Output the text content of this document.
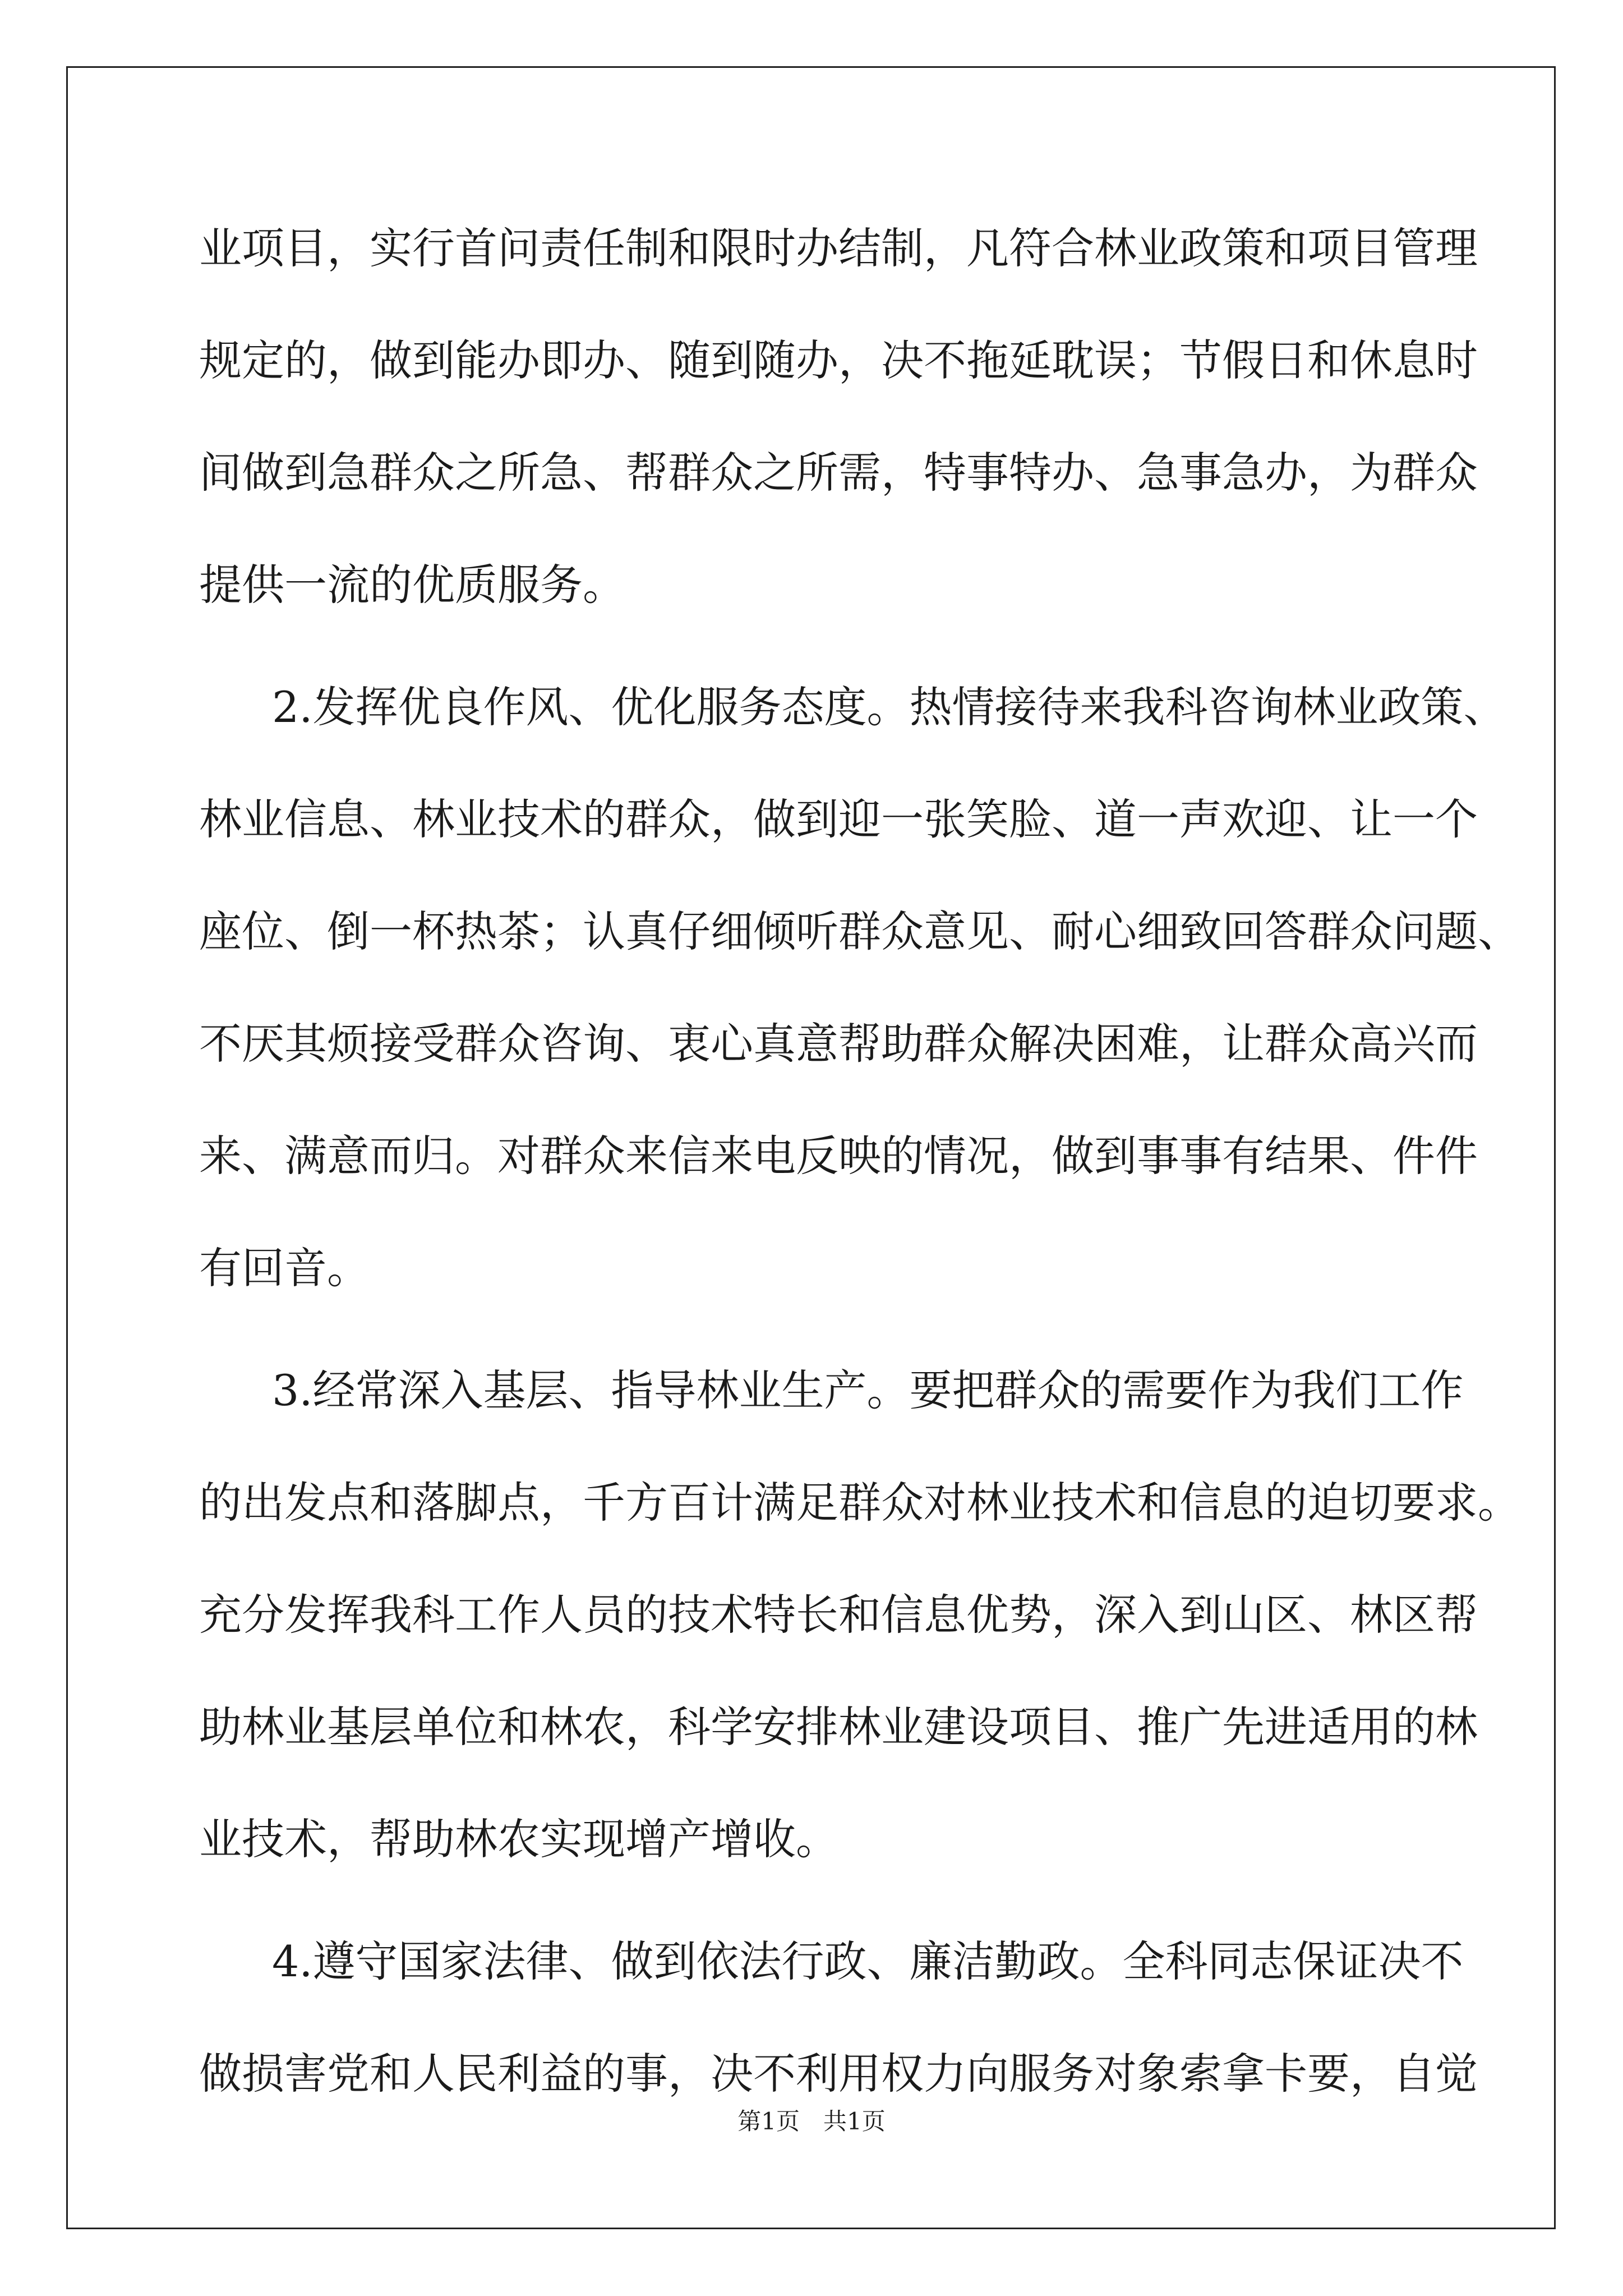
业项目，实行首问责任制和限时办结制，凡符合林业政策和项目管理
规定的，做到能办即办、随到随办，决不拖延耽误；节假日和休息时
间做到急群众之所急、帮群众之所需，特事特办、急事急办，为群众
提供一流的优质服务。
2.发挥优良作风、优化服务态度。热情接待来我科咨询林业政策、
林业信息、林业技术的群众，做到迎一张笑脸、道一声欢迎、让一个
座位、倒一杯热茶；认真仔细倾听群众意见、耐心细致回答群众问题、
不厌其烦接受群众咨询、衷心真意帮助群众解决困难，让群众高兴而
来、满意而归。对群众来信来电反映的情况，做到事事有结果、件件
有回音。
3.经常深入基层、指导林业生产。要把群众的需要作为我们工作
的出发点和落脚点，千方百计满足群众对林业技术和信息的迫切要求。
充分发挥我科工作人员的技术特长和信息优势，深入到山区、林区帮
助林业基层单位和林农，科学安排林业建设项目、推广先进适用的林
业技术，帮助林农实现增产增收。
4.遵守国家法律、做到依法行政、廉洁勤政。全科同志保证决不
做损害党和人民利益的事，决不利用权力向服务对象索拿卡要，自觉
第1页　共1页
